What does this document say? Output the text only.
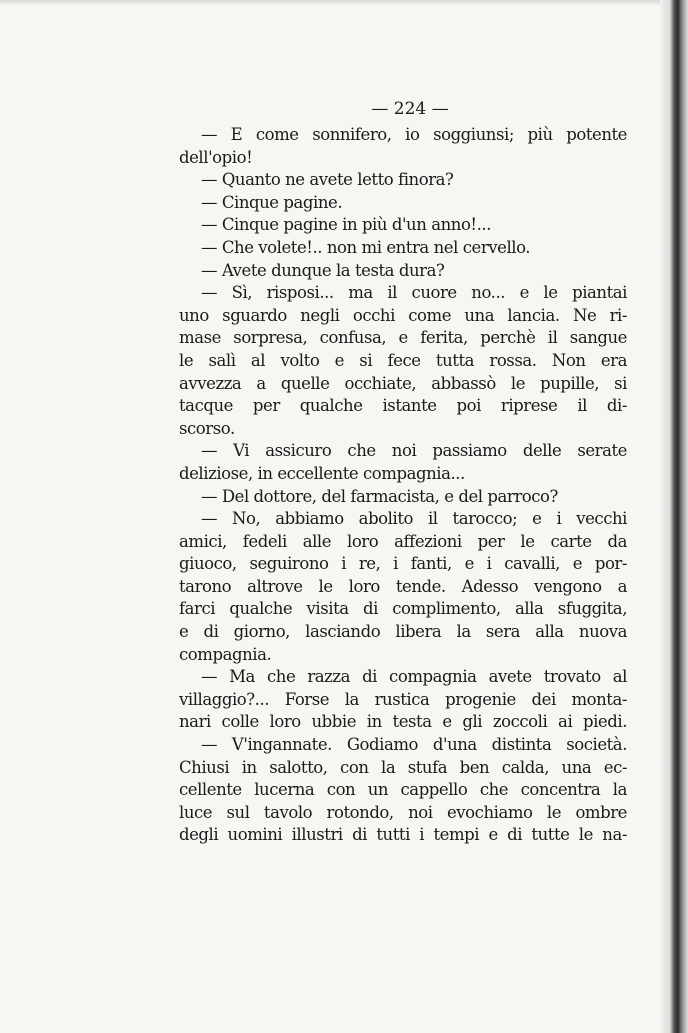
— 224 —
— E come sonnifero, io soggiunsi; più potente
dell'opio!
— Quanto ne avete letto finora?
— Cinque pagine.
— Cinque pagine in più d'un anno!...
— Che volete!.. non mi entra nel cervello.
— Avete dunque la testa dura?
— Sì, risposi... ma il cuore no... e le piantai
uno sguardo negli occhi come una lancia. Ne ri-
mase sorpresa, confusa, e ferita, perchè il sangue
le salì al volto e si fece tutta rossa. Non era
avvezza a quelle occhiate, abbassò le pupille, si
tacque per qualche istante poi riprese il di-
scorso.
— Vi assicuro che noi passiamo delle serate
deliziose, in eccellente compagnia...
— Del dottore, del farmacista, e del parroco?
— No, abbiamo abolito il tarocco; e i vecchi
amici, fedeli alle loro affezioni per le carte da
giuoco, seguirono i re, i fanti, e i cavalli, e por-
tarono altrove le loro tende. Adesso vengono a
farci qualche visita di complimento, alla sfuggita,
e di giorno, lasciando libera la sera alla nuova
compagnia.
— Ma che razza di compagnia avete trovato al
villaggio?... Forse la rustica progenie dei monta-
nari colle loro ubbie in testa e gli zoccoli ai piedi.
— V'ingannate. Godiamo d'una distinta società.
Chiusi in salotto, con la stufa ben calda, una ec-
cellente lucerna con un cappello che concentra la
luce sul tavolo rotondo, noi evochiamo le ombre
degli uomini illustri di tutti i tempi e di tutte le na-
